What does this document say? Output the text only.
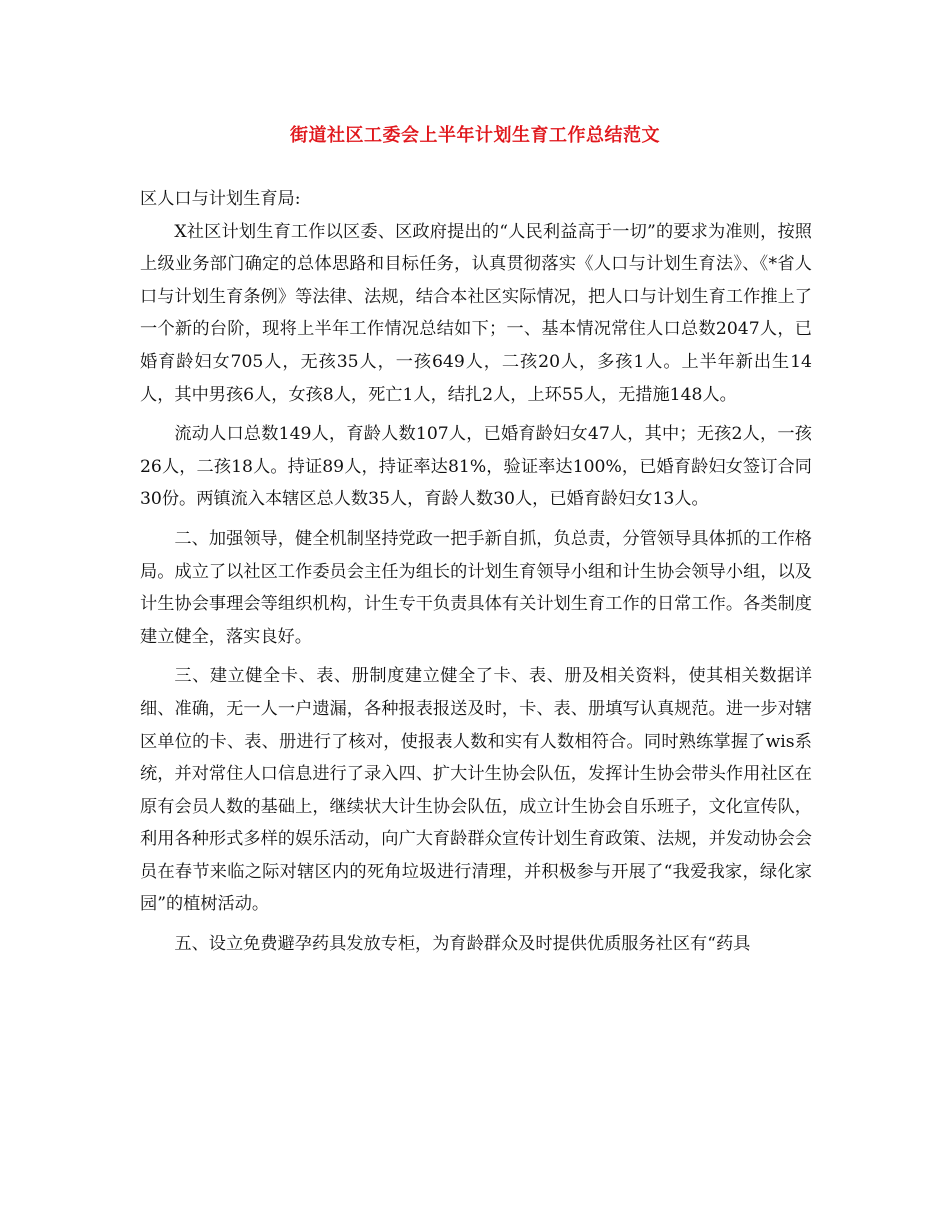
街道社区工委会上半年计划生育工作总结范文

区人口与计划生育局:

X社区计划生育工作以区委、区政府提出的“人民利益高于一切”的要求为准则，按照上级业务部门确定的总体思路和目标任务，认真贯彻落实《人口与计划生育法》、《*省人口与计划生育条例》等法律、法规，结合本社区实际情况，把人口与计划生育工作推上了一个新的台阶，现将上半年工作情况总结如下；一、基本情况常住人口总数2047人，已婚育龄妇女705人，无孩35人，一孩649人，二孩20人，多孩1人。上半年新出生14人，其中男孩6人，女孩8人，死亡1人，结扎2人，上环55人，无措施148人。

流动人口总数149人，育龄人数107人，已婚育龄妇女47人，其中；无孩2人，一孩26人，二孩18人。持证89人，持证率达81%，验证率达100%，已婚育龄妇女签订合同30份。两镇流入本辖区总人数35人，育龄人数30人，已婚育龄妇女13人。

二、加强领导，健全机制坚持党政一把手新自抓，负总责，分管领导具体抓的工作格局。成立了以社区工作委员会主任为组长的计划生育领导小组和计生协会领导小组，以及计生协会事理会等组织机构，计生专干负责具体有关计划生育工作的日常工作。各类制度建立健全，落实良好。

三、建立健全卡、表、册制度建立健全了卡、表、册及相关资料，使其相关数据详细、准确，无一人一户遗漏，各种报表报送及时，卡、表、册填写认真规范。进一步对辖区单位的卡、表、册进行了核对，使报表人数和实有人数相符合。同时熟练掌握了wis系统，并对常住人口信息进行了录入四、扩大计生协会队伍，发挥计生协会带头作用社区在原有会员人数的基础上，继续状大计生协会队伍，成立计生协会自乐班子，文化宣传队，利用各种形式多样的娱乐活动，向广大育龄群众宣传计划生育政策、法规，并发动协会会员在春节来临之际对辖区内的死角垃圾进行清理，并积极参与开展了“我爱我家，绿化家园”的植树活动。

五、设立免费避孕药具发放专柜，为育龄群众及时提供优质服务社区有“药具
